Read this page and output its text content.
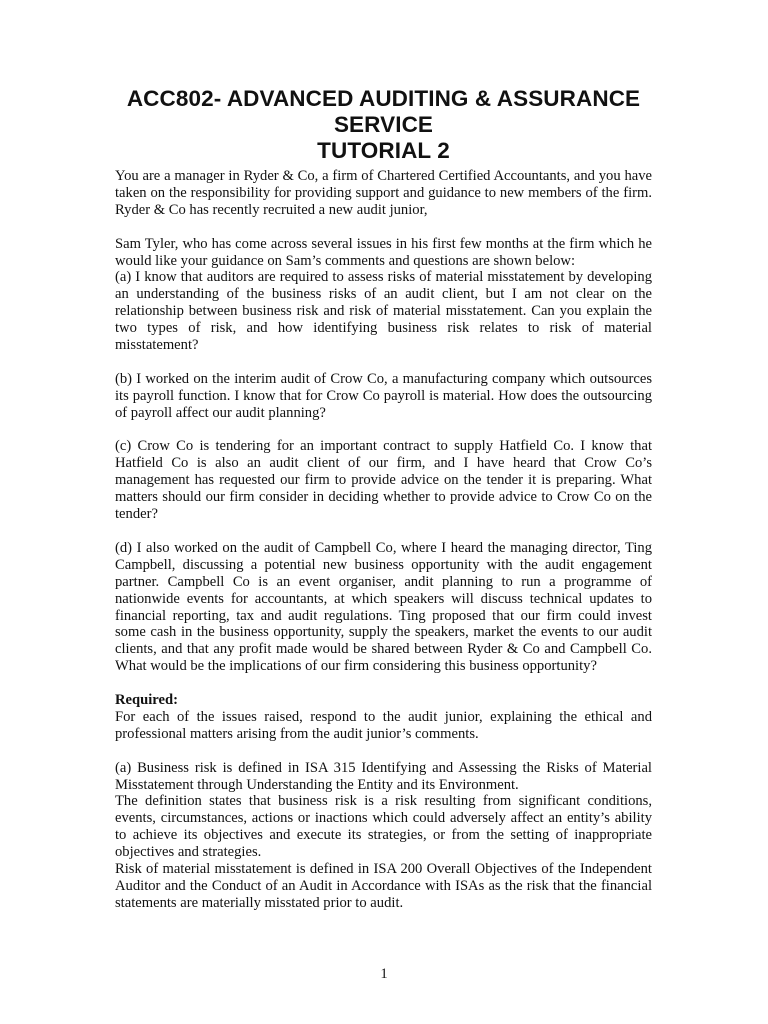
ACC802- ADVANCED AUDITING & ASSURANCE
SERVICE
TUTORIAL 2

You are a manager in Ryder & Co, a firm of Chartered Certified Accountants, and you have taken on the responsibility for providing support and guidance to new members of the firm. Ryder & Co has recently recruited a new audit junior,

Sam Tyler, who has come across several issues in his first few months at the firm which he would like your guidance on Sam’s comments and questions are shown below:

(a) I know that auditors are required to assess risks of material misstatement by developing an understanding of the business risks of an audit client, but I am not clear on the relationship between business risk and risk of material misstatement. Can you explain the two types of risk, and how identifying business risk relates to risk of material misstatement?

(b) I worked on the interim audit of Crow Co, a manufacturing company which outsources its payroll function. I know that for Crow Co payroll is material. How does the outsourcing of payroll affect our audit planning?

(c) Crow Co is tendering for an important contract to supply Hatfield Co. I know that Hatfield Co is also an audit client of our firm, and I have heard that Crow Co’s management has requested our firm to provide advice on the tender it is preparing. What matters should our firm consider in deciding whether to provide advice to Crow Co on the tender?

(d) I also worked on the audit of Campbell Co, where I heard the managing director, Ting Campbell, discussing a potential new business opportunity with the audit engagement partner. Campbell Co is an event organiser, andit planning to run a programme of nationwide events for accountants, at which speakers will discuss technical updates to financial reporting, tax and audit regulations. Ting proposed that our firm could invest some cash in the business opportunity, supply the speakers, market the events to our audit clients, and that any profit made would be shared between Ryder & Co and Campbell Co. What would be the implications of our firm considering this business opportunity?

Required:

For each of the issues raised, respond to the audit junior, explaining the ethical and professional matters arising from the audit junior’s comments.

(a) Business risk is defined in ISA 315 Identifying and Assessing the Risks of Material Misstatement through Understanding the Entity and its Environment.

The definition states that business risk is a risk resulting from significant conditions, events, circumstances, actions or inactions which could adversely affect an entity’s ability to achieve its objectives and execute its strategies, or from the setting of inappropriate objectives and strategies.

Risk of material misstatement is defined in ISA 200 Overall Objectives of the Independent Auditor and the Conduct of an Audit in Accordance with ISAs as the risk that the financial statements are materially misstated prior to audit.

1
